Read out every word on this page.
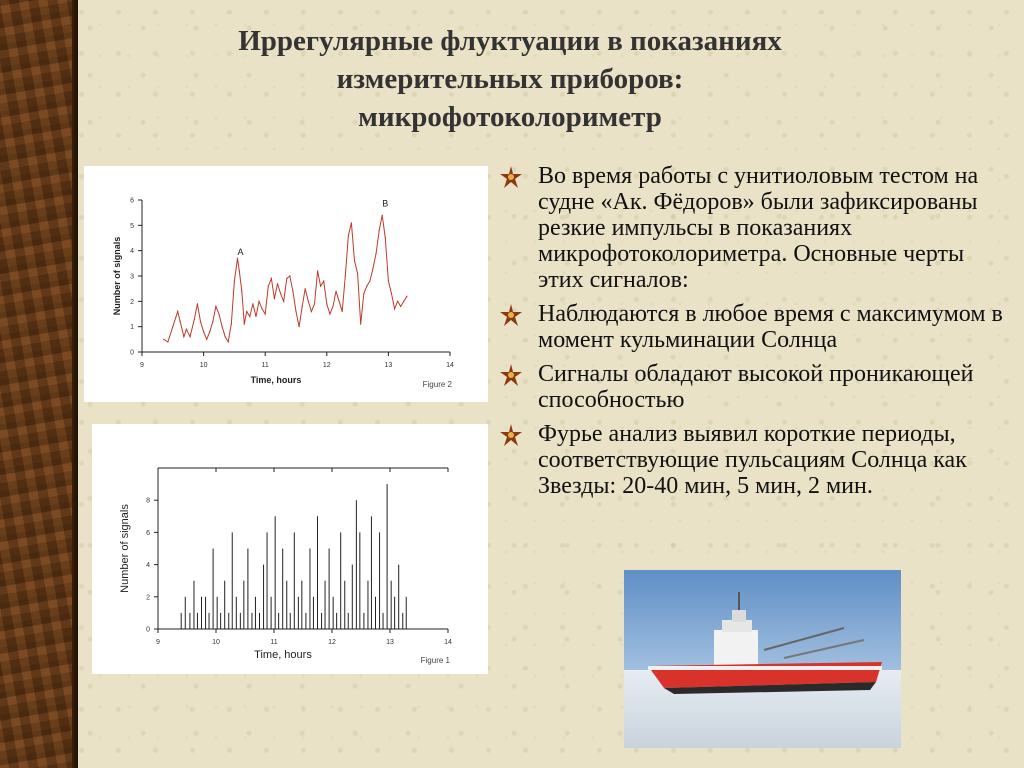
Иррегулярные флуктуации в показаниях
измерительных приборов:
микрофотоколориметр
9	10	11	12	13	14
0
1
2
3
4
5
6
Time, hours
Number of signals
Figure 2
A
B
9	10	11	12	13	14
0
2
4
6
8
Time, hours
Number of signals
Figure 1
Во время работы с унитиоловым тестом на судне «Ак. Фёдоров» были зафиксированы резкие импульсы в показаниях микрофотоколориметра. Основные черты этих сигналов:
Наблюдаются в любое время с максимумом в момент кульминации Солнца
Сигналы обладают высокой проникающей способностью
Фурье анализ выявил короткие периоды, соответствующие пульсациям Солнца как Звезды: 20-40 мин, 5 мин, 2 мин.
